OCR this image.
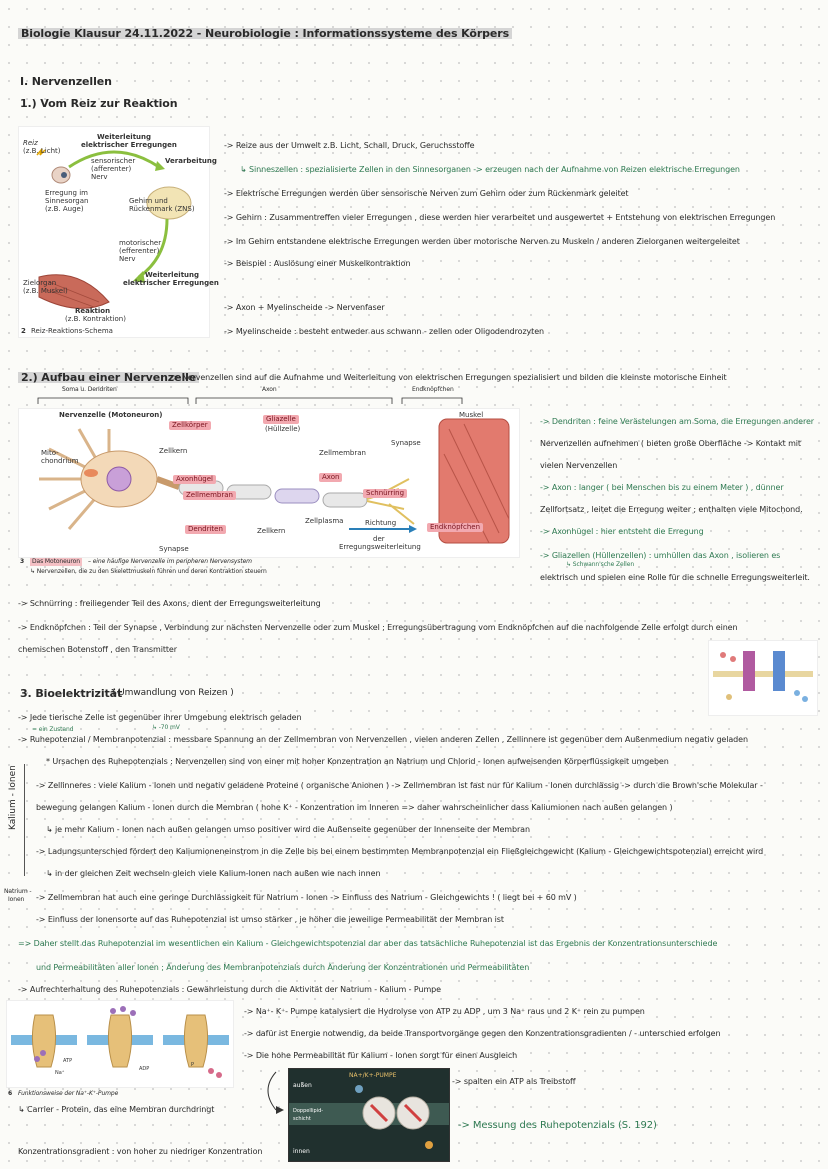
Biologie Klausur 24.11.2022 - Neurobiologie : Informationssysteme des Körpers
I. Nervenzellen
1.) Vom Reiz zur Reaktion
Reiz
(z.B. Licht)
Weiterleitung
elektrischer Erregungen
sensorischer
(afferenter)
Nerv
Verarbeitung
Erregung im
Sinnesorgan
(z.B. Auge)
Gehirn und
Rückenmark (ZNS)
motorischer
(efferenter)
Nerv
Weiterleitung
elektrischer Erregungen
Zielorgan
(z.B. Muskel)
Reaktion
(z.B. Kontraktion)
2 Reiz-Reaktions-Schema
-> Reize aus der Umwelt z.B. Licht, Schall, Druck, Geruchsstoffe
↳ Sinneszellen : spezialisierte Zellen in den Sinnesorganen -> erzeugen nach der Aufnahme von Reizen elektrische Erregungen
-> Elektrische Erregungen werden über sensorische Nerven zum Gehirn oder zum Rückenmark geleitet
-> Gehirn : Zusammentreffen vieler Erregungen , diese werden hier verarbeitet und ausgewertet + Entstehung von elektrischen Erregungen
-> Im Gehirn entstandene elektrische Erregungen werden über motorische Nerven zu Muskeln / anderen Zielorganen weitergeleitet
-> Beispiel : Auslösung einer Muskelkontraktion
-> Axon + Myelinscheide -> Nervenfaser
-> Myelinscheide : besteht entweder aus schwann - zellen oder Oligodendrozyten
2.) Aufbau einer Nervenzelle
-> Nervenzellen sind auf die Aufnahme und Weiterleitung von elektrischen Erregungen spezialisiert und bilden die kleinste motorische Einheit
Soma u. Dendriten	Axon	Endknöpfchen
Nervenzelle (Motoneuron)
Zellkörper
Gliazelle
(Hüllzelle)
Muskel
Mito-
chondrium
Zellkern	Zellmembran
Synapse
Axonhügel	Axon
Zellmembran	Schnürring
Dendriten	Zellkern
Zellplasma	Richtung
der
Erregungsweiterleitung
Endknöpfchen
Synapse
3	Das Motoneuron	– eine häufige Nervenzelle im peripheren Nervensystem
↳ Nervenzellen, die zu den Skelettmuskeln führen und deren Kontraktion steuern
-> Dendriten : feine Verästelungen am Soma, die Erregungen anderer
Nervenzellen aufnehmen ( bieten große Oberfläche -> Kontakt mit
vielen Nervenzellen
-> Axon : langer ( bei Menschen bis zu einem Meter ) , dünner
Zellfortsatz , leitet die Erregung weiter ; enthalten viele Mitochond.
-> Axonhügel : hier entsteht die Erregung
-> Gliazellen (Hüllenzellen) : umhüllen das Axon , isolieren es
↳ Schwann'sche Zellen
elektrisch und spielen eine Rolle für die schnelle Erregungsweiterleit.
-> Schnürring : freiliegender Teil des Axons, dient der Erregungsweiterleitung
-> Endknöpfchen : Teil der Synapse , Verbindung zur nächsten Nervenzelle oder zum Muskel ; Erregungsübertragung vom Endknöpfchen auf die nachfolgende Zelle erfolgt durch einen
chemischen Botenstoff , den Transmitter
3. Bioelektrizität
( Umwandlung von Reizen )
-> Jede tierische Zelle ist gegenüber ihrer Umgebung elektrisch geladen
= ein Zustand	↳ -70 mV
-> Ruhepotenzial / Membranpotenzial : messbare Spannung an der Zellmembran von Nervenzellen , vielen anderen Zellen , Zellinnere ist gegenüber dem Außenmedium negativ geladen
* Ursachen des Ruhepotenzials : Nervenzellen sind von einer mit hoher Konzentration an Natrium und Chlorid - Ionen aufweisenden Körperflüssigkeit umgeben
Kalium - Ionen -> Zellinneres : viele Kalium - Ionen und negativ geladene Proteine ( organische Anionen ) -> Zellmembran ist fast nur für Kalium - Ionen durchlässig -> durch die Brown'sche Molekular -
bewegung gelangen Kalium - Ionen durch die Membran ( hohe K⁺ - Konzentration im Inneren => daher wahrscheinlicher dass Kaliumionen nach außen gelangen )
↳ je mehr Kalium - Ionen nach außen gelangen umso positiver wird die Außenseite gegenüber der Innenseite der Membran
-> Ladungsunterschied fördert den Kaliumioneneinstrom in die Zelle bis bei einem bestimmten Membranpotenzial ein Fließgleichgewicht (Kalium - Gleichgewichtspotenzial) erreicht wird
↳ in der gleichen Zeit wechseln gleich viele Kalium-Ionen nach außen wie nach innen
Natrium -
Ionen -> Zellmembran hat auch eine geringe Durchlässigkeit für Natrium - Ionen -> Einfluss des Natrium - Gleichgewichts ! ( liegt bei + 60 mV )
-> Einfluss der Ionensorte auf das Ruhepotenzial ist umso stärker , je höher die jeweilige Permeabilität der Membran ist
=> Daher stellt das Ruhepotenzial im wesentlichen ein Kalium - Gleichgewichtspotenzial dar aber das tatsächliche Ruhepotenzial ist das Ergebnis der Konzentrationsunterschiede
und Permeabilitäten aller Ionen ; Änderung des Membranpotenzials durch Änderung der Konzentrationen und Permeabilitäten
-> Aufrechterhaltung des Ruhepotenzials : Gewährleistung durch die Aktivität der Natrium - Kalium - Pumpe
ATP
Na⁺
ADP
P
6 Funktionsweise der Na⁺-K⁺-Pumpe
↳ Carrier - Protein, das eine Membran durchdringt
-> Na⁺- K⁺- Pumpe katalysiert die Hydrolyse von ATP zu ADP , um 3 Na⁺ raus und 2 K⁺ rein zu pumpen
-> dafür ist Energie notwendig, da beide Transportvorgänge gegen den Konzentrationsgradienten / - unterschied erfolgen
-> Die hohe Permeabilität für Kalium - Ionen sorgt für einen Ausgleich
-> spalten ein ATP als Treibstoff
NA+/K+-PUMPE
außen
Doppellipid-
schicht
innen
-> Messung des Ruhepotenzials (S. 192)
Konzentrationsgradient : von hoher zu niedriger Konzentration
